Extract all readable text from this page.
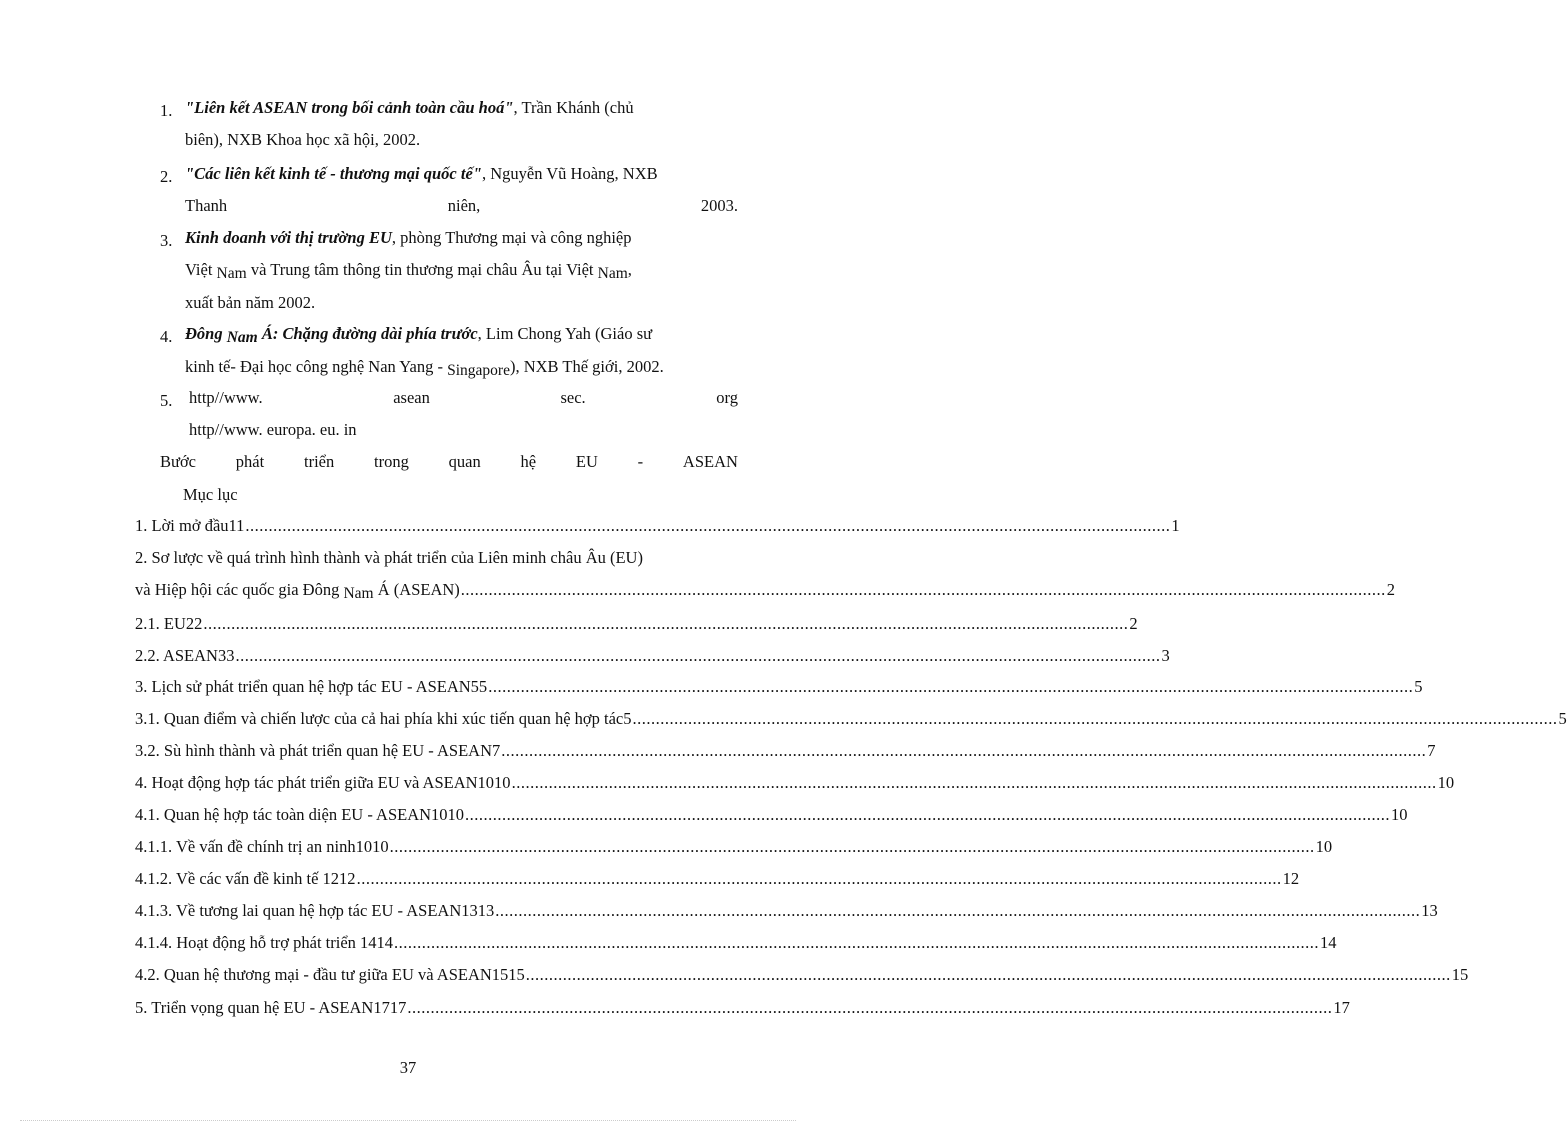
1. "Liên kết ASEAN trong bối cảnh toàn cầu hoá", Trần Khánh (chủ
biên), NXB Khoa học xã hội, 2002.
2. "Các liên kết kinh tế - thương mại quốc tế", Nguyễn Vũ Hoàng, NXB
Thanh	niên,	2003.
3. Kinh doanh với thị trường EU, phòng Thương mại và công nghiệp
Việt Nam và Trung tâm thông tin thương mại châu Âu tại Việt Nam,
xuất bản năm 2002.
4. Đông Nam Á: Chặng đường dài phía trước, Lim Chong Yah (Giáo sư
kinh tế- Đại học công nghệ Nan Yang - Singapore), NXB Thế giới, 2002.
5.	http//www.	asean	sec.	org
http//www. europa. eu. in
Bước phát triển trong quan hệ EU - ASEAN
Mục lục
1. Lời mở đầu11 ........................................................................................................................................................................................................ 1
2. Sơ lược về quá trình hình thành và phát triển của Liên minh châu Âu (EU)
và Hiệp hội các quốc gia Đông Nam Á (ASEAN) ........................................................................................................................................................................................................ 2
2.1. EU22 ........................................................................................................................................................................................................ 2
2.2. ASEAN33 ........................................................................................................................................................................................................ 3
3. Lịch sử phát triển quan hệ hợp tác EU - ASEAN55 ........................................................................................................................................................................................................ 5
3.1. Quan điểm và chiến lược của cả hai phía khi xúc tiến quan hệ hợp tác5 ........................................................................................................................................................................................................ 5
3.2. Sù hình thành và phát triển quan hệ EU - ASEAN7 ........................................................................................................................................................................................................ 7
4. Hoạt động hợp tác phát triển giữa EU và ASEAN1010 ........................................................................................................................................................................................................ 10
4.1. Quan hệ hợp tác toàn diện EU - ASEAN1010 ........................................................................................................................................................................................................ 10
4.1.1. Về vấn đề chính trị an ninh1010 ........................................................................................................................................................................................................ 10
4.1.2. Về các vấn đề kinh tế 1212 ........................................................................................................................................................................................................ 12
4.1.3. Về tương lai quan hệ hợp tác EU - ASEAN1313 ........................................................................................................................................................................................................ 13
4.1.4. Hoạt động hỗ trợ phát triển 1414 ........................................................................................................................................................................................................ 14
4.2. Quan hệ thương mại - đầu tư giữa EU và ASEAN1515 ........................................................................................................................................................................................................ 15
5. Triển vọng quan hệ EU - ASEAN1717 ........................................................................................................................................................................................................ 17
37
